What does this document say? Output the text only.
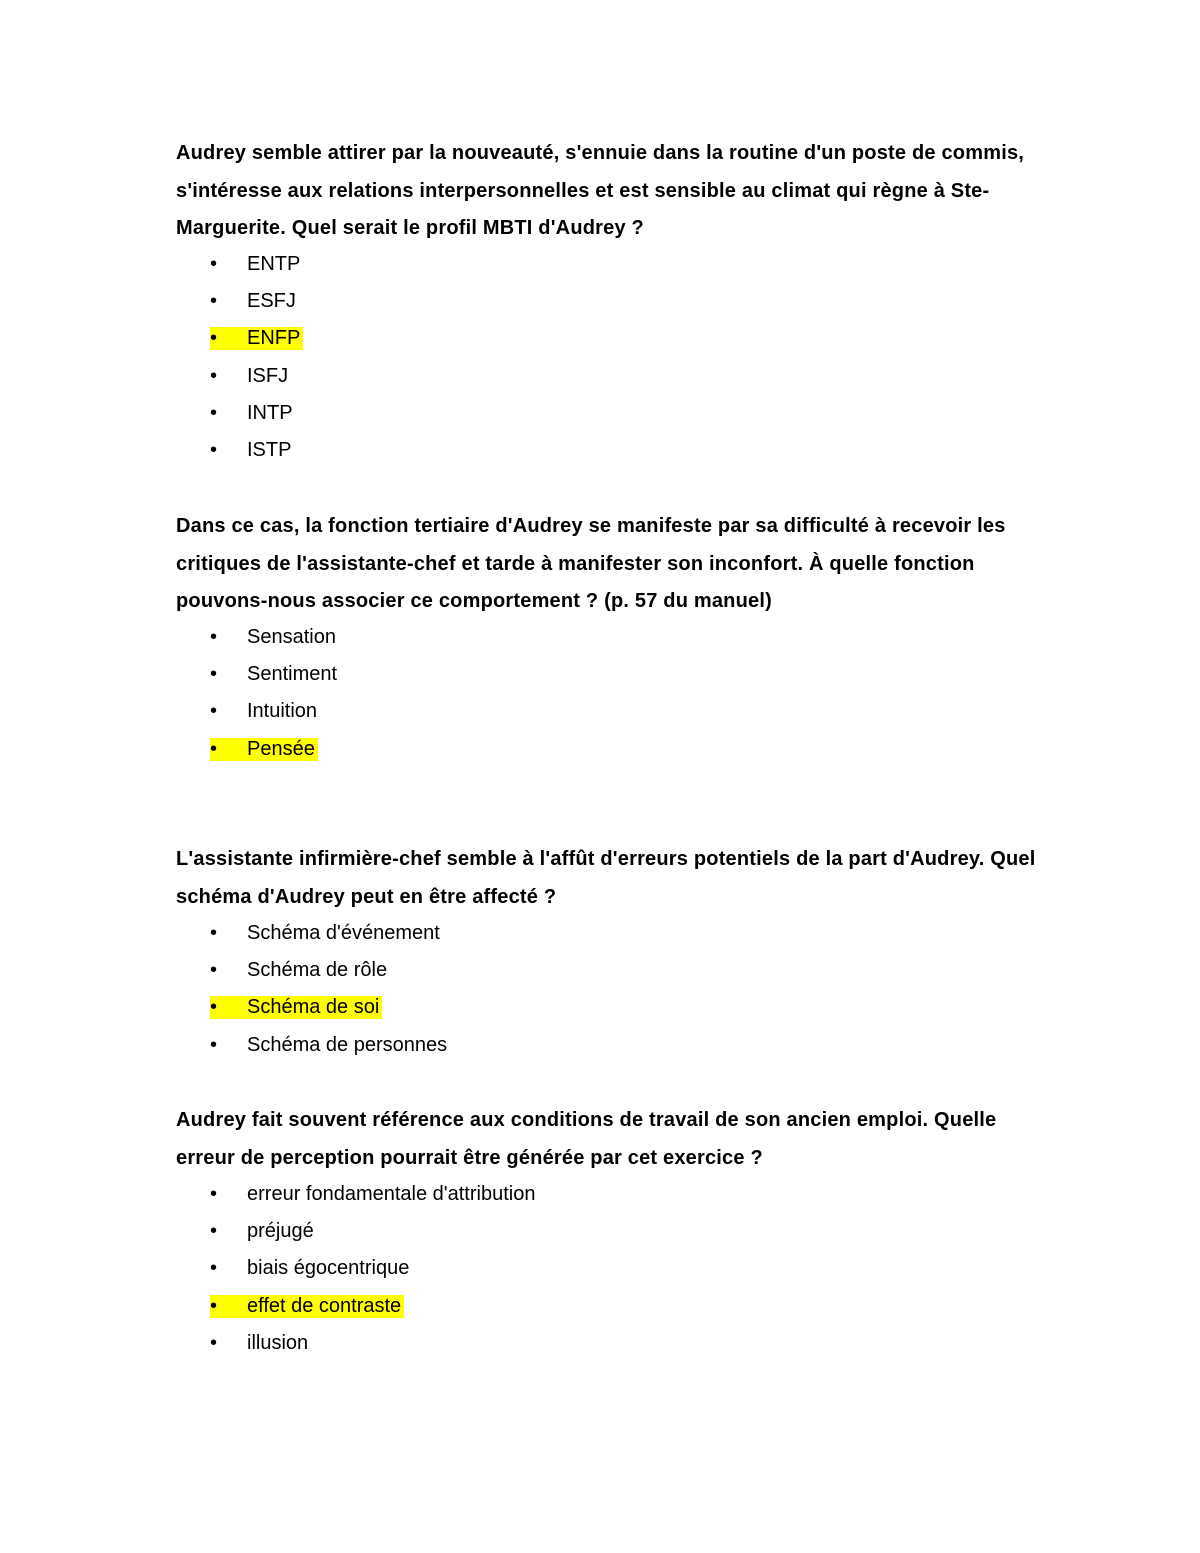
Audrey semble attirer par la nouveauté, s'ennuie dans la routine d'un poste de commis, s'intéresse aux relations interpersonnelles et est sensible au climat qui règne à Ste-Marguerite. Quel serait le profil MBTI d'Audrey ?
• ENTP
• ESFJ
• ENFP
• ISFJ
• INTP
• ISTP
Dans ce cas, la fonction tertiaire d'Audrey se manifeste par sa difficulté à recevoir les critiques de l'assistante-chef et tarde à manifester son inconfort. À quelle fonction pouvons-nous associer ce comportement ? (p. 57 du manuel)
• Sensation
• Sentiment
• Intuition
• Pensée
L'assistante infirmière-chef semble à l'affût d'erreurs potentiels de la part d'Audrey. Quel schéma d'Audrey peut en être affecté ?
• Schéma d'événement
• Schéma de rôle
• Schéma de soi
• Schéma de personnes
Audrey fait souvent référence aux conditions de travail de son ancien emploi. Quelle erreur de perception pourrait être générée par cet exercice ?
• erreur fondamentale d'attribution
• préjugé
• biais égocentrique
• effet de contraste
• illusion
